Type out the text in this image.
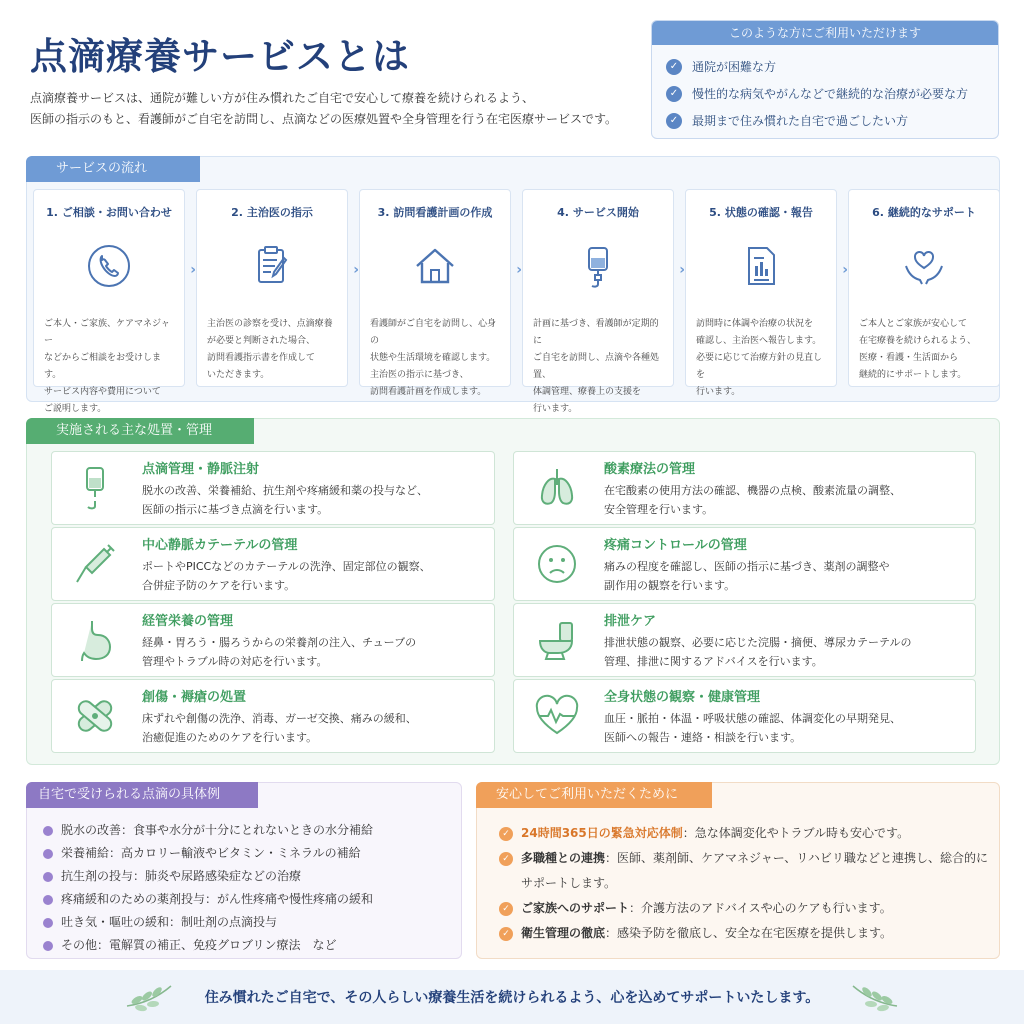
点滴療養サービスとは
点滴療養サービスは、通院が難しい方が住み慣れたご自宅で安心して療養を続けられるよう、
医師の指示のもと、看護師がご自宅を訪問し、点滴などの医療処置や全身管理を行う在宅医療サービスです。
このような方にご利用いただけます
✓	通院が困難な方
✓	慢性的な病気やがんなどで継続的な治療が必要な方
✓	最期まで住み慣れた自宅で過ごしたい方
サービスの流れ
1. ご相談・お問い合わせ
ご本人・ご家族、ケアマネジャー
などからご相談をお受けします。
サービス内容や費用について
ご説明します。
›
2. 主治医の指示
主治医の診察を受け、点滴療養
が必要と判断された場合、
訪問看護指示書を作成して
いただきます。
›
3. 訪問看護計画の作成
看護師がご自宅を訪問し、心身の
状態や生活環境を確認します。
主治医の指示に基づき、
訪問看護計画を作成します。
›
4. サービス開始
計画に基づき、看護師が定期的に
ご自宅を訪問し、点滴や各種処置、
体調管理、療養上の支援を
行います。
›
5. 状態の確認・報告
訪問時に体調や治療の状況を
確認し、主治医へ報告します。
必要に応じて治療方針の見直しを
行います。
›
6. 継続的なサポート
ご本人とご家族が安心して
在宅療養を続けられるよう、
医療・看護・生活面から
継続的にサポートします。
実施される主な処置・管理
点滴管理・静脈注射
脱水の改善、栄養補給、抗生剤や疼痛緩和薬の投与など、
医師の指示に基づき点滴を行います。
酸素療法の管理
在宅酸素の使用方法の確認、機器の点検、酸素流量の調整、
安全管理を行います。
中心静脈カテーテルの管理
ポートやPICCなどのカテーテルの洗浄、固定部位の観察、
合併症予防のケアを行います。
疼痛コントロールの管理
痛みの程度を確認し、医師の指示に基づき、薬剤の調整や
副作用の観察を行います。
経管栄養の管理
経鼻・胃ろう・腸ろうからの栄養剤の注入、チューブの
管理やトラブル時の対応を行います。
排泄ケア
排泄状態の観察、必要に応じた浣腸・摘便、導尿カテーテルの
管理、排泄に関するアドバイスを行います。
創傷・褥瘡の処置
床ずれや創傷の洗浄、消毒、ガーゼ交換、痛みの緩和、
治癒促進のためのケアを行います。
全身状態の観察・健康管理
血圧・脈拍・体温・呼吸状態の確認、体調変化の早期発見、
医師への報告・連絡・相談を行います。
自宅で受けられる点滴の具体例
脱水の改善：食事や水分が十分にとれないときの水分補給
栄養補給：高カロリー輸液やビタミン・ミネラルの補給
抗生剤の投与：肺炎や尿路感染症などの治療
疼痛緩和のための薬剤投与：がん性疼痛や慢性疼痛の緩和
吐き気・嘔吐の緩和：制吐剤の点滴投与
その他：電解質の補正、免疫グロブリン療法　など
安心してご利用いただくために
✓ 24時間365日の緊急対応体制：急な体調変化やトラブル時も安心です。
✓ 多職種との連携：医師、薬剤師、ケアマネジャー、リハビリ職などと連携し、総合的にサポートします。
✓ ご家族へのサポート：介護方法のアドバイスや心のケアも行います。
✓ 衛生管理の徹底：感染予防を徹底し、安全な在宅医療を提供します。
住み慣れたご自宅で、その人らしい療養生活を続けられるよう、心を込めてサポートいたします。
